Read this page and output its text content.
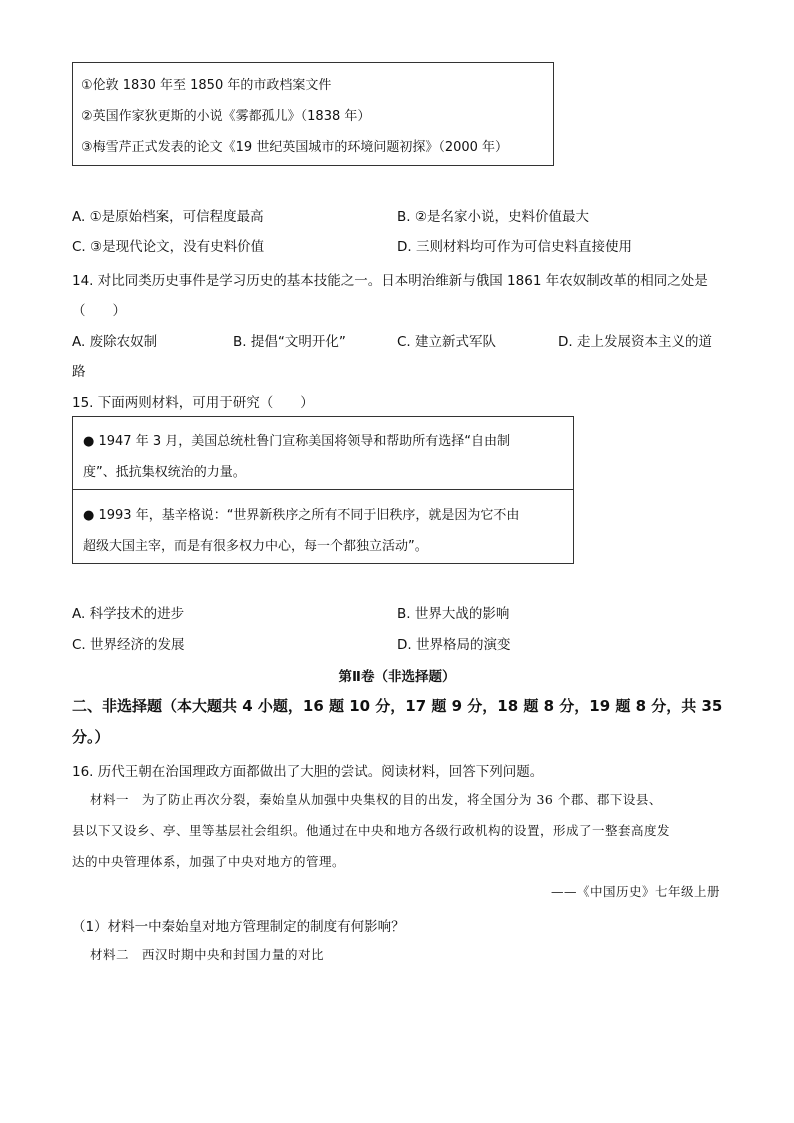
①伦敦 1830 年至 1850 年的市政档案文件
②英国作家狄更斯的小说《雾都孤儿》（1838 年）
③梅雪芹正式发表的论文《19 世纪英国城市的环境问题初探》（2000 年）
A. ①是原始档案，可信程度最高	B. ②是名家小说，史料价值最大
C. ③是现代论文，没有史料价值	D. 三则材料均可作为可信史料直接使用
14. 对比同类历史事件是学习历史的基本技能之一。日本明治维新与俄国 1861 年农奴制改革的相同之处是
（　　）
A. 废除农奴制	B. 提倡“文明开化”	C. 建立新式军队	D. 走上发展资本主义的道
路
15. 下面两则材料，可用于研究（　　）
● 1947 年 3 月，美国总统杜鲁门宣称美国将领导和帮助所有选择“自由制
度”、抵抗集权统治的力量。
● 1993 年，基辛格说：“世界新秩序之所有不同于旧秩序，就是因为它不由
超级大国主宰，而是有很多权力中心，每一个都独立活动”。
A. 科学技术的进步	B. 世界大战的影响
C. 世界经济的发展	D. 世界格局的演变
第Ⅱ卷（非选择题）
二、非选择题（本大题共 4 小题，16 题 10 分，17 题 9 分，18 题 8 分，19 题 8 分，共 35
分。）
16. 历代王朝在治国理政方面都做出了大胆的尝试。阅读材料，回答下列问题。
材料一　为了防止再次分裂，秦始皇从加强中央集权的目的出发，将全国分为 36 个郡、郡下设县、
县以下又设乡、亭、里等基层社会组织。他通过在中央和地方各级行政机构的设置，形成了一整套高度发
达的中央管理体系，加强了中央对地方的管理。
——《中国历史》七年级上册
（1）材料一中秦始皇对地方管理制定的制度有何影响？
材料二　西汉时期中央和封国力量的对比
